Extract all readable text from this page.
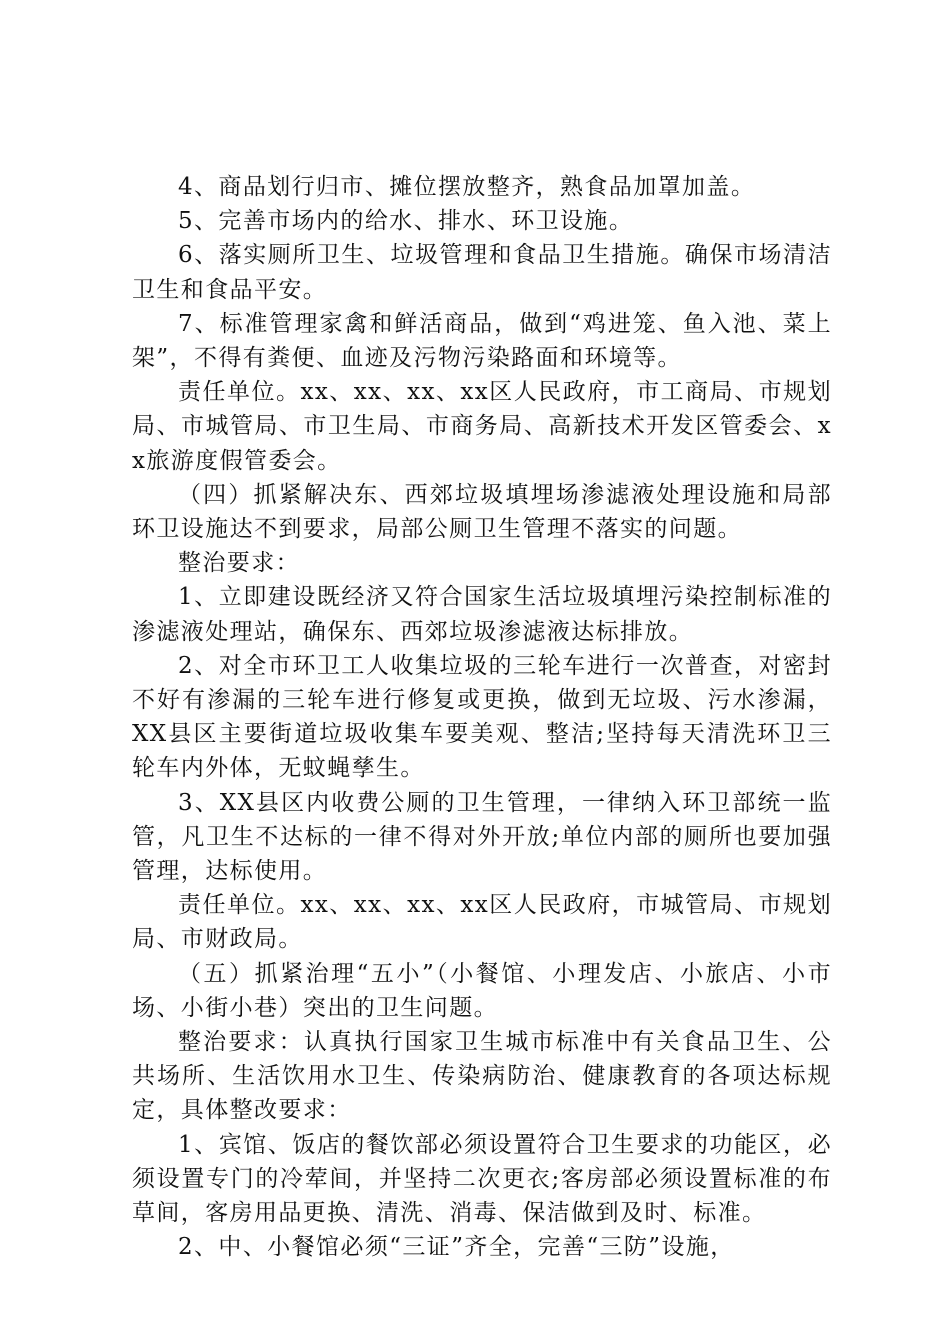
4、商品划行归市、摊位摆放整齐，熟食品加罩加盖。

5、完善市场内的给水、排水、环卫设施。

6、落实厕所卫生、垃圾管理和食品卫生措施。确保市场清洁卫生和食品平安。

7、标准管理家禽和鲜活商品，做到“鸡进笼、鱼入池、菜上架”，不得有粪便、血迹及污物污染路面和环境等。

责任单位。xx、xx、xx、xx区人民政府，市工商局、市规划局、市城管局、市卫生局、市商务局、高新技术开发区管委会、xx旅游度假管委会。

（四）抓紧解决东、西郊垃圾填埋场渗滤液处理设施和局部环卫设施达不到要求，局部公厕卫生管理不落实的问题。

整治要求：

1、立即建设既经济又符合国家生活垃圾填埋污染控制标准的渗滤液处理站，确保东、西郊垃圾渗滤液达标排放。

2、对全市环卫工人收集垃圾的三轮车进行一次普查，对密封不好有渗漏的三轮车进行修复或更换，做到无垃圾、污水渗漏，XX县区主要街道垃圾收集车要美观、整洁;坚持每天清洗环卫三轮车内外体，无蚊蝇孳生。

3、XX县区内收费公厕的卫生管理，一律纳入环卫部统一监管，凡卫生不达标的一律不得对外开放;单位内部的厕所也要加强管理，达标使用。

责任单位。xx、xx、xx、xx区人民政府，市城管局、市规划局、市财政局。

（五）抓紧治理“五小”（小餐馆、小理发店、小旅店、小市场、小街小巷）突出的卫生问题。

整治要求：认真执行国家卫生城市标准中有关食品卫生、公共场所、生活饮用水卫生、传染病防治、健康教育的各项达标规定，具体整改要求：

1、宾馆、饭店的餐饮部必须设置符合卫生要求的功能区，必须设置专门的冷荤间，并坚持二次更衣;客房部必须设置标准的布草间，客房用品更换、清洗、消毒、保洁做到及时、标准。

2、中、小餐馆必须“三证”齐全，完善“三防”设施，
